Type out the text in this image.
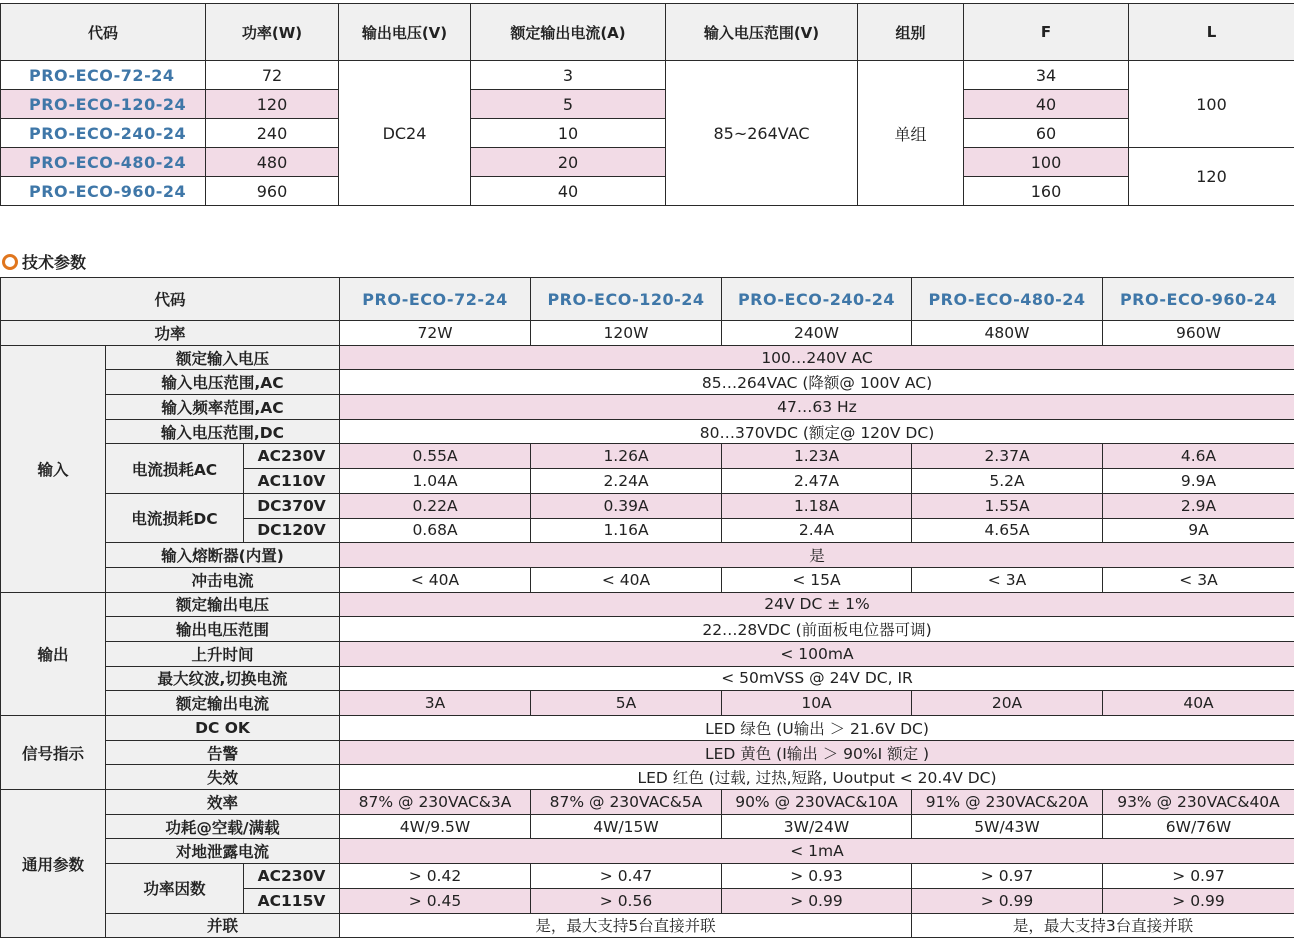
代码	功率(W)	输出电压(V)	额定输出电流(A)	输入电压范围(V)	组别	F	L
PRO-ECO-72-24	72	DC24	3	85~264VAC	单组	34	100
PRO-ECO-120-24	120		5			40	
PRO-ECO-240-24	240		10			60	
PRO-ECO-480-24	480		20			100	120
PRO-ECO-960-24	960		40			160	
技术参数
代码			PRO-ECO-72-24	PRO-ECO-120-24	PRO-ECO-240-24	PRO-ECO-480-24	PRO-ECO-960-24
功率			72W	120W	240W	480W	960W
输入	额定输入电压		100…240V AC				
	输入电压范围,AC		85…264VAC (降额@ 100V AC)				
	输入频率范围,AC		47…63 Hz				
	输入电压范围,DC		80…370VDC (额定@ 120V DC)				
	电流损耗AC	AC230V	0.55A	1.26A	1.23A	2.37A	4.6A
		AC110V	1.04A	2.24A	2.47A	5.2A	9.9A
	电流损耗DC	DC370V	0.22A	0.39A	1.18A	1.55A	2.9A
		DC120V	0.68A	1.16A	2.4A	4.65A	9A
	输入熔断器(内置)		是				
	冲击电流		< 40A	< 40A	< 15A	< 3A	< 3A
输出	额定输出电压		24V DC ± 1%				
	输出电压范围		22…28VDC (前面板电位器可调)				
	上升时间		< 100mA				
	最大纹波,切换电流		< 50mVSS @ 24V DC, IR				
	额定输出电流		3A	5A	10A	20A	40A
信号指示	DC OK		LED 绿色 (U输出 ＞ 21.6V DC)				
	告警		LED 黄色 (I输出 ＞ 90%I 额定 )				
	失效		LED 红色 (过载, 过热,短路, Uoutput < 20.4V DC)				
通用参数	效率		87% @ 230VAC&3A	87% @ 230VAC&5A	90% @ 230VAC&10A	91% @ 230VAC&20A	93% @ 230VAC&40A
	功耗@空载/满载		4W/9.5W	4W/15W	3W/24W	5W/43W	6W/76W
	对地泄露电流		< 1mA				
	功率因数	AC230V	> 0.42	> 0.47	> 0.93	> 0.97	> 0.97
		AC115V	> 0.45	> 0.56	> 0.99	> 0.99	> 0.99
	并联		是，最大支持5台直接并联			是，最大支持3台直接并联	
